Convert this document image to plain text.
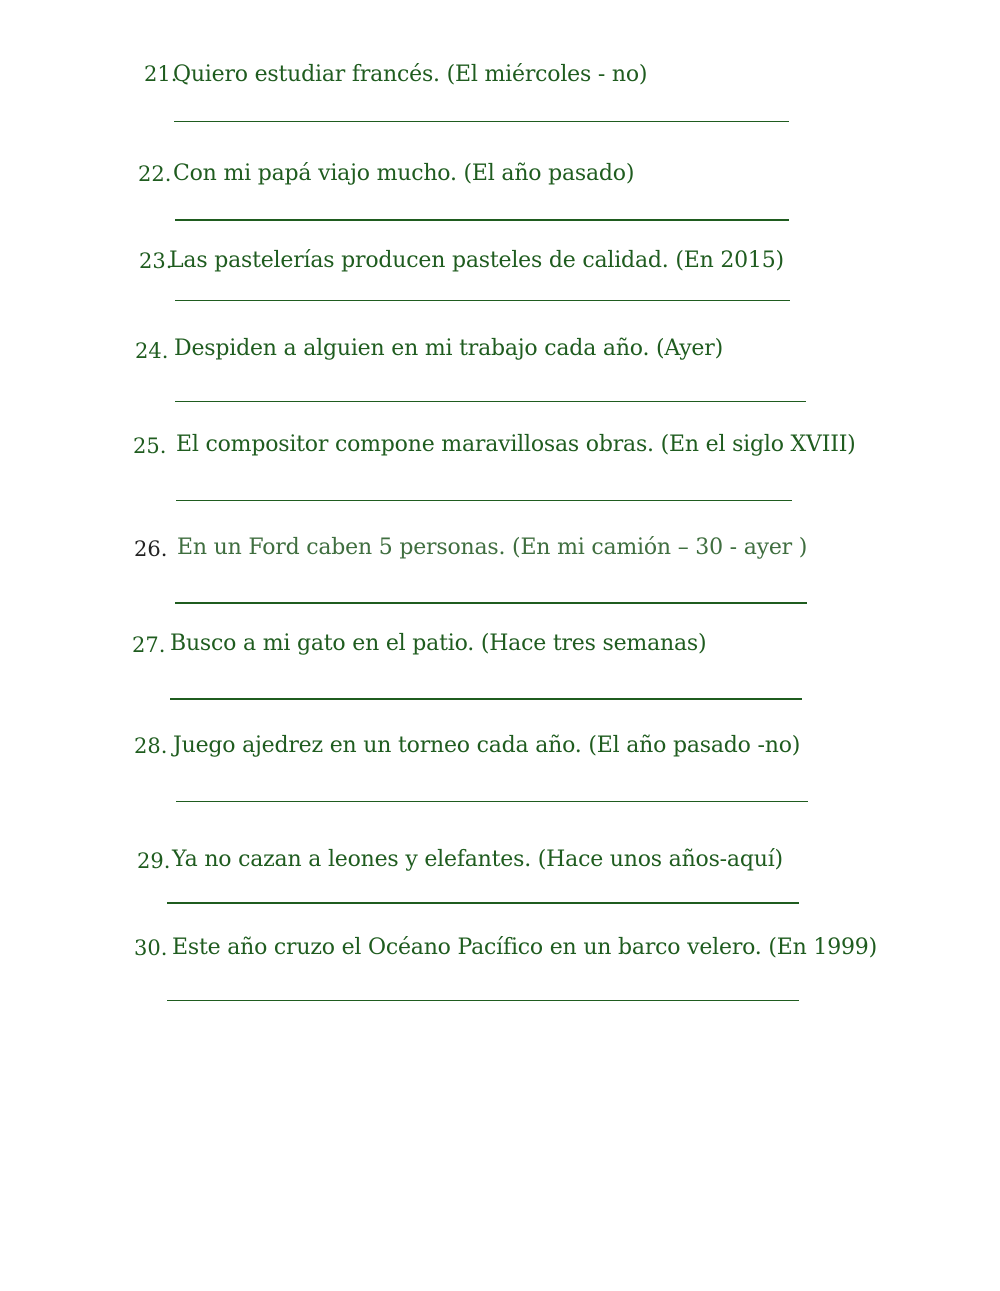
21.
Quiero estudiar francés. (El miércoles - no)
22. Con mi papá viajo mucho. (El año pasado)
23.
Las pastelerías producen pasteles de calidad. (En 2015)
24. Despiden a alguien en mi trabajo cada año. (Ayer)
25. El compositor compone maravillosas obras. (En el siglo XVIII)
26. En un Ford caben 5 personas. (En mi camión – 30 - ayer )
27. Busco a mi gato en el patio. (Hace tres semanas)
28. Juego ajedrez en un torneo cada año. (El año pasado -no)
29. Ya no cazan a leones y elefantes. (Hace unos años-aquí)
30. Este año cruzo el Océano Pacífico en un barco velero. (En 1999)
